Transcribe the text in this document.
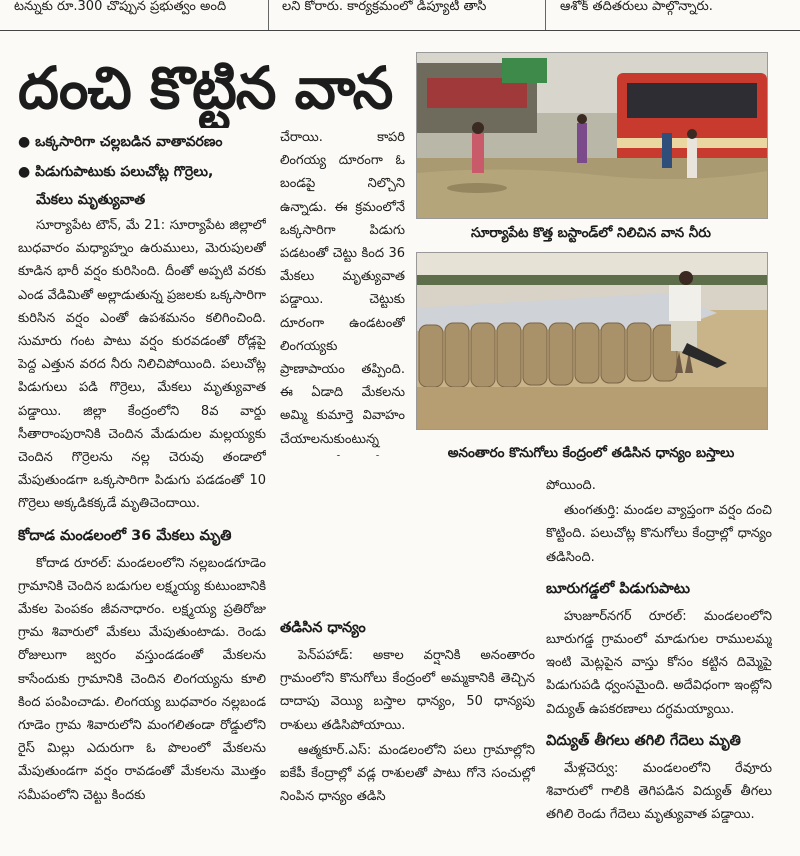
టన్నుకు రూ.300 చొప్పున ప్రభుత్వం అంది	లని కోరారు. కార్యక్రమంలో డిప్యూటీ తాసీ	ఆశోక్ తదితరులు పాల్గొన్నారు.
దంచి కొట్టిన వాన
● ఒక్కసారిగా చల్లబడిన వాతావరణం
● పిడుగుపాటుకు పలుచోట్ల గొర్రెలు,
మేకలు మృత్యువాత

సూర్యాపేట టౌన్, మే 21: సూర్యాపేట జిల్లాలో బుధవారం మధ్యాహ్నం ఉరుములు, మెరుపులతో కూడిన భారీ వర్షం కురిసింది. దీంతో అప్పటి వరకు ఎండ వేడిమితో అల్లాడుతున్న ప్రజలకు ఒక్కసారిగా కురిసిన వర్షం ఎంతో ఉపశమనం కలిగించింది. సుమారు గంట పాటు వర్షం కురవడంతో రోడ్లపై పెద్ద ఎత్తున వరద నీరు నిలిచిపోయింది. పలుచోట్ల పిడుగులు పడి గొర్రెలు, మేకలు మృత్యువాత పడ్డాయి. జిల్లా కేంద్రంలోని 8వ వార్డు సీతారాంపురానికి చెందిన మేడుదుల మల్లయ్యకు చెందిన గొర్రెలను నల్ల చెరువు తండాలో మేపుతుండగా ఒక్కసారిగా పిడుగు పడడంతో 10 గొర్రెలు అక్కడికక్కడే మృతిచెందాయి.

కోదాడ మండలంలో 36 మేకలు మృతి

కోదాడ రూరల్: మండలంలోని నల్లబండగూడెం గ్రామానికి చెందిన బడుగుల లక్ష్మయ్య కుటుంబానికి మేకల పెంపకం జీవనాధారం. లక్ష్మయ్య ప్రతిరోజు గ్రామ శివారులో మేకలు మేపుతుంటాడు. రెండు రోజులుగా జ్వరం వస్తుండడంతో మేకలను కాసేందుకు గ్రామానికి చెందిన లింగయ్యను కూలి కింద పంపించాడు. లింగయ్య బుధవారం నల్లబండ గూడెం గ్రామ శివారులోని మంగలితండా రోడ్డులోని రైస్ మిల్లు ఎదురుగా ఓ పొలంలో మేకలను మేపుతుండగా వర్షం రావడంతో మేకలను మొత్తం సమీపంలోని చెట్టు కిందకు

చేరాయి. కాపరి లింగయ్య దూరంగా ఓ బండపై నిల్చొని ఉన్నాడు. ఈ క్రమంలోనే ఒక్కసారిగా పిడుగు పడటంతో చెట్టు కింద 36 మేకలు మృత్యువాత పడ్డాయి. చెట్టుకు దూరంగా ఉండటంతో లింగయ్యకు ప్రాణాపాయం తప్పింది. ఈ ఏడాది మేకలను అమ్మి కుమార్తె వివాహం చేయాలనుకుంటున్న

పోయింది.

తుంగతుర్తి: మండల వ్యాప్తంగా వర్షం దంచి కొట్టింది. పలుచోట్ల కొనుగోలు కేంద్రాల్లో ధాన్యం తడిసింది.

బూరుగడ్డలో పిడుగుపాటు

హుజూర్‌నగర్ రూరల్: మండలంలోని బూరుగడ్డ గ్రామంలో మాడుగుల రాములమ్మ ఇంటి మెట్లపైన వాస్తు కోసం కట్టిన దిమ్మెపై పిడుగుపడి ధ్వంసమైంది. అదేవిధంగా ఇంట్లోని విద్యుత్ ఉపకరణాలు దగ్ధమయ్యాయి.

విద్యుత్ తీగలు తగిలి గేదెలు మృతి

మేళ్లచెర్వు: మండలంలోని రేవూరు శివారులో గాలికి తెగిపడిన విద్యుత్ తీగలు తగిలి రెండు గేదెలు మృత్యువాత పడ్డాయి.

తడిసిన ధాన్యం

పెన్‌పహాడ్: అకాల వర్షానికి అనంతారం గ్రామంలోని కొనుగోలు కేంద్రంలో అమ్మకానికి తెచ్చిన దాదాపు వెయ్యి బస్తాల ధాన్యం, 50 ధాన్యపు రాశులు తడిసిపోయాయి.

ఆత్మకూర్.ఎస్: మండలంలోని పలు గ్రామాల్లోని ఐకేపీ కేంద్రాల్లో వడ్ల రాశులతో పాటు గోనె సంచుల్లో నింపిన ధాన్యం తడిసి

సూర్యాపేట కొత్త బస్టాండ్‌లో నిలిచిన వాన నీరు
అనంతారం కొనుగోలు కేంద్రంలో తడిసిన ధాన్యం బస్తాలు
